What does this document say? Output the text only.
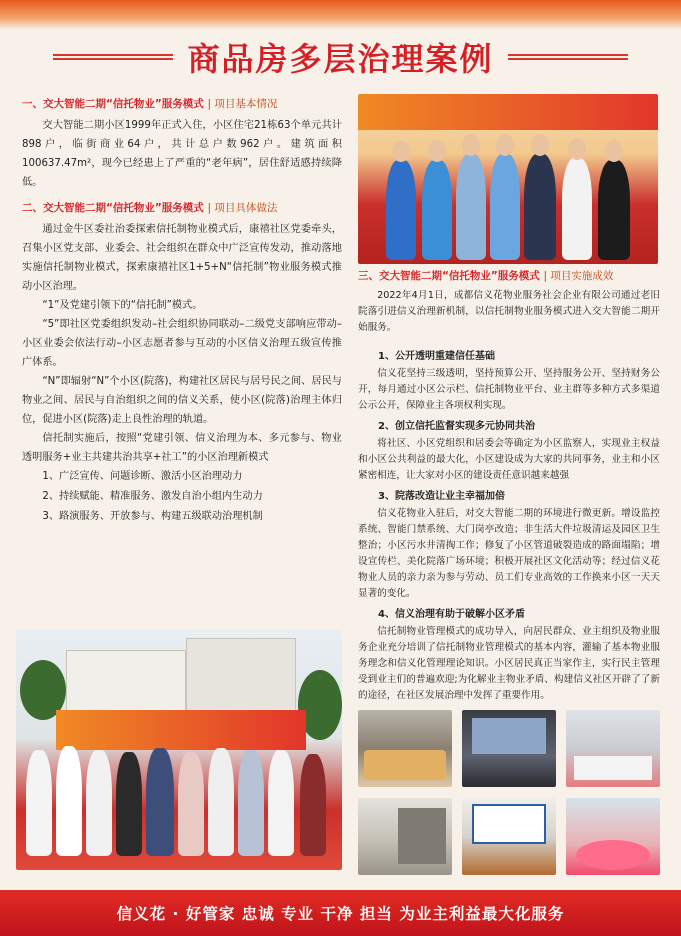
商品房多层治理案例
一、交大智能二期“信托物业”服务模式 | 项目基本情况

交大智能二期小区1999年正式入住，小区住宅21栋63个单元共计898户，临街商业64户，共计总户数962户。建筑面积100637.47m²，现今已经患上了严重的“老年病”，居住舒适感持续降低。

二、交大智能二期“信托物业”服务模式 | 项目具体做法

通过金牛区委社治委探索信托制物业模式后，康禧社区党委牵头，召集小区党支部、业委会、社会组织在群众中广泛宣传发动，推动落地实施信托制物业模式，探索康禧社区1+5+N“信托制”物业服务模式推动小区治理。

“1”及党建引领下的“信托制”模式。

“5”即社区党委组织发动–社会组织协同联动–二级党支部响应带动–小区业委会依法行动–小区志愿者参与互动的小区信义治理五级宣传推广体系。

“N”即辐射“N”个小区(院落)，构建社区居民与居号民之间、居民与物业之间、居民与自治组织之间的信义关系，使小区(院落)治理主体归位，促进小区(院落)走上良性治理的轨道。

信托制实施后，按照“党建引领、信义治理为本、多元参与、物业透明服务+业主共建共治共享+社工”的小区治理新模式

1、广泛宣传、问题诊断、激活小区治理动力
2、持续赋能、精准服务、激发自治小组内生动力
3、路演服务、开放参与、构建五级联动治理机制
三、交大智能二期“信托物业”服务模式 | 项目实施成效

2022年4月1日，成都信义花物业服务社会企业有限公司通过老旧院落引进信义治理新机制，以信托制物业服务模式进入交大智能二期开始服务。

1、公开透明重建信任基础

信义花坚持三级透明，坚持预算公开、坚持服务公开、坚持财务公开，每月通过小区公示栏、信托制物业平台、业主群等多种方式多渠道公示公开，保障业主各项权利实现。

2、创立信托监督实现多元协同共治

将社区、小区党组织和居委会等确定为小区监察人，实现业主权益和小区公共利益的最大化，小区建设成为大家的共同事务，业主和小区紧密相连，让大家对小区的建设责任意识越来越强

3、院落改造让业主幸福加倍

信义花物业入驻后，对交大智能二期的环境进行微更新。增设监控系统、智能门禁系统、大门岗亭改造；非生活大件垃圾清运及园区卫生整治；小区污水井清掏工作；修复了小区管道破裂造成的路面塌陷；增设宣传栏、美化院落广场环境；积极开展社区文化活动等；经过信义花物业人员的亲力亲为参与劳动、员工们专业高效的工作换来小区一天天显著的变化。

4、信义治理有助于破解小区矛盾

信托制物业管理模式的成功导入，向居民群众、业主组织及物业服务企业充分培训了信托制物业管理模式的基本内容，灌输了基本物业服务理念和信义化管理理论知识。小区居民真正当家作主，实行民主管理受到业主们的普遍欢迎;为化解业主物业矛盾、构建信义社区开辟了了新的途径，在社区发展治理中发挥了重要作用。

信义花 · 好管家 忠诚 专业 干净 担当 为业主利益最大化服务
